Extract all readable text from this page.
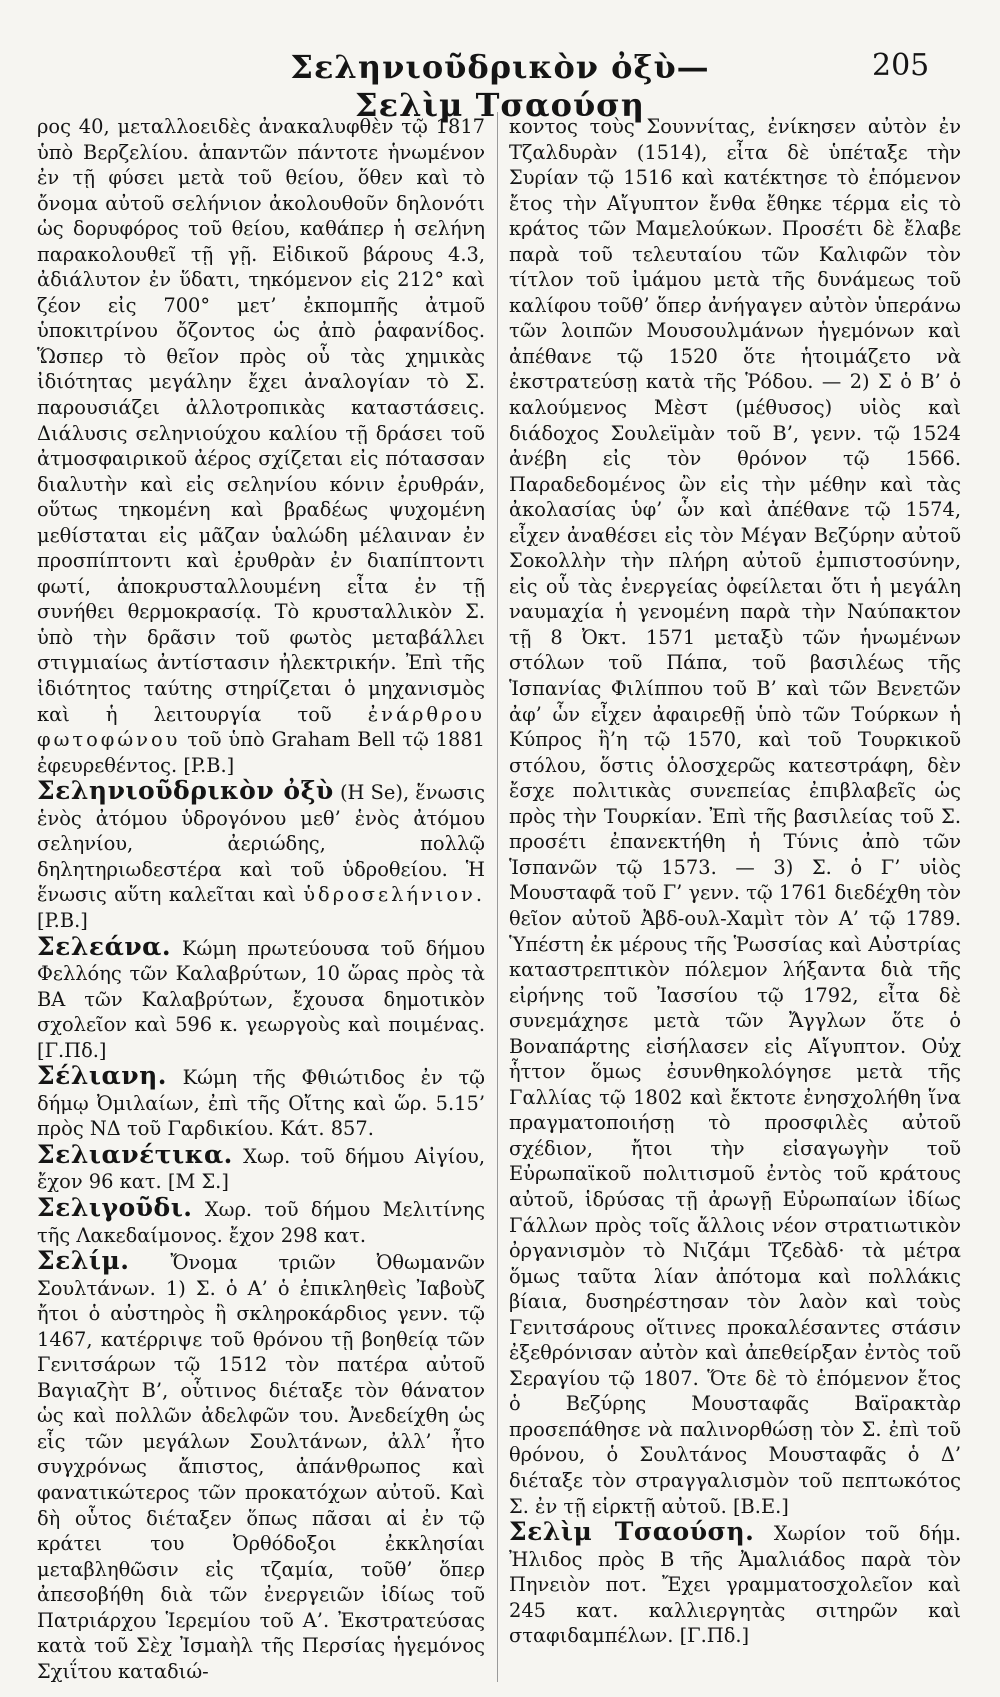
Σεληνιοῦδρικὸν ὀξὺ—Σελὶμ Τσαούση
205

ρος 40, μεταλλοειδὲς ἀνακαλυφθὲν τῷ 1817 ὑπὸ Βερζελίου. ἁπαντῶν πάντοτε ἡνωμένον ἐν τῇ φύσει μετὰ τοῦ θείου, ὅθεν καὶ τὸ ὄνομα αὐτοῦ σελήνιον ἀκολουθοῦν δηλονότι ὡς δορυφόρος τοῦ θείου, καθάπερ ἡ σελήνη παρακολουθεῖ τῇ γῇ. Εἰδικοῦ βάρους 4.3, ἀδιάλυτον ἐν ὕδατι, τηκόμενον εἰς 212° καὶ ζέον εἰς 700° μετ’ ἐκπομπῆς ἀτμοῦ ὑποκιτρίνου ὄζοντος ὡς ἀπὸ ῥαφανίδος. Ὥσπερ τὸ θεῖον πρὸς οὗ τὰς χημικὰς ἰδιότητας μεγάλην ἔχει ἀναλογίαν τὸ Σ. παρουσιάζει ἀλλοτροπικὰς καταστάσεις. Διάλυσις σεληνιούχου καλίου τῇ δράσει τοῦ ἀτμοσφαιρικοῦ ἀέρος σχίζεται εἰς πότασσαν διαλυτὴν καὶ εἰς σεληνίου κόνιν ἐρυθράν, οὕτως τηκομένη καὶ βραδέως ψυχομένη μεθίσταται εἰς μᾶζαν ὑαλώδη μέλαιναν ἐν προσπίπτοντι καὶ ἐρυθρὰν ἐν διαπίπτοντι φωτί, ἀποκρυσταλλουμένη εἶτα ἐν τῇ συνήθει θερμοκρασίᾳ. Τὸ κρυσταλλικὸν Σ. ὑπὸ τὴν δρᾶσιν τοῦ φωτὸς μεταβάλλει στιγμιαίως ἀντίστασιν ἠλεκτρικήν. Ἐπὶ τῆς ἰδιότητος ταύτης στηρίζεται ὁ μηχανισμὸς καὶ ἡ λειτουργία τοῦ ἐνάρθρου φωτοφώνου τοῦ ὑπὸ Graham Bell τῷ 1881 ἐφευρεθέντος. [P.B.]

Σεληνιοῦδρικὸν ὀξὺ (H Se), ἕνωσις ἑνὸς ἀτόμου ὑδρογόνου μεθ’ ἑνὸς ἀτόμου σεληνίου, ἀεριώδης, πολλῷ δηλητηριωδεστέρα καὶ τοῦ ὑδροθείου. Ἡ ἕνωσις αὕτη καλεῖται καὶ ὑδροσελήνιον. [P.B.]

Σελεάνα. Κώμη πρωτεύουσα τοῦ δήμου Φελλόης τῶν Καλαβρύτων, 10 ὥρας πρὸς τὰ ΒΑ τῶν Καλαβρύτων, ἔχουσα δημοτικὸν σχολεῖον καὶ 596 κ. γεωργοὺς καὶ ποιμένας. [Γ.Πδ.]

Σέλιανη. Κώμη τῆς Φθιώτιδος ἐν τῷ δήμῳ Ὀμιλαίων, ἐπὶ τῆς Οἴτης καὶ ὥρ. 5.15’ πρὸς ΝΔ τοῦ Γαρδικίου. Κάτ. 857.

Σελιανέτικα. Χωρ. τοῦ δήμου Αἰγίου, ἔχον 96 κατ. [Μ Σ.]

Σελιγοῦδι. Χωρ. τοῦ δήμου Μελιτίνης τῆς Λακεδαίμονος. ἔχον 298 κατ.

Σελίμ. Ὄνομα τριῶν Ὀθωμανῶν Σουλτάνων. 1) Σ. ὁ Α’ ὁ ἐπικληθεὶς Ἰαβοὺζ ἤτοι ὁ αὐστηρὸς ἢ σκληροκάρδιος γενν. τῷ 1467, κατέρριψε τοῦ θρόνου τῇ βοηθείᾳ τῶν Γενιτσάρων τῷ 1512 τὸν πατέρα αὐτοῦ Βαγιαζὴτ Β’, οὗτινος διέταξε τὸν θάνατον ὡς καὶ πολλῶν ἀδελφῶν του. Ἀνεδείχθη ὡς εἷς τῶν μεγάλων Σουλτάνων, ἀλλ’ ἦτο συγχρόνως ἄπιστος, ἀπάνθρωπος καὶ φανατικώτερος τῶν προκατόχων αὐτοῦ. Καὶ δὴ οὗτος διέταξεν ὅπως πᾶσαι αἱ ἐν τῷ κράτει του Ὀρθόδοξοι ἐκκλησίαι μεταβληθῶσιν εἰς τζαμία, τοῦθ’ ὅπερ ἀπεσοβήθη διὰ τῶν ἐνεργειῶν ἰδίως τοῦ Πατριάρχου Ἱερεμίου τοῦ Α’. Ἐκστρατεύσας κατὰ τοῦ Σὲχ Ἰσμαὴλ τῆς Περσίας ἡγεμόνος Σχιΐτου καταδιώ-

κοντος τοὺς Σουννίτας, ἐνίκησεν αὐτὸν ἐν Τζαλδυρὰν (1514), εἶτα δὲ ὑπέταξε τὴν Συρίαν τῷ 1516 καὶ κατέκτησε τὸ ἑπόμενον ἔτος τὴν Αἴγυπτον ἔνθα ἔθηκε τέρμα εἰς τὸ κράτος τῶν Μαμελούκων. Προσέτι δὲ ἔλαβε παρὰ τοῦ τελευταίου τῶν Καλιφῶν τὸν τίτλον τοῦ ἰμάμου μετὰ τῆς δυνάμεως τοῦ καλίφου τοῦθ’ ὅπερ ἀνήγαγεν αὐτὸν ὑπεράνω τῶν λοιπῶν Μουσουλμάνων ἡγεμόνων καὶ ἀπέθανε τῷ 1520 ὅτε ἡτοιμάζετο νὰ ἐκστρατεύσῃ κατὰ τῆς Ῥόδου. — 2) Σ ὁ Β’ ὁ καλούμενος Μὲστ (μέθυσος) υἱὸς καὶ διάδοχος Σουλεϊμὰν τοῦ Β’, γενν. τῷ 1524 ἀνέβη εἰς τὸν θρόνον τῷ 1566. Παραδεδομένος ὢν εἰς τὴν μέθην καὶ τὰς ἀκολασίας ὑφ’ ὧν καὶ ἀπέθανε τῷ 1574, εἶχεν ἀναθέσει εἰς τὸν Μέγαν Βεζύρην αὐτοῦ Σοκολλὴν τὴν πλήρη αὐτοῦ ἐμπιστοσύνην, εἰς οὗ τὰς ἐνεργείας ὀφείλεται ὅτι ἡ μεγάλη ναυμαχία ἡ γενομένη παρὰ τὴν Ναύπακτον τῇ 8 Ὀκτ. 1571 μεταξὺ τῶν ἡνωμένων στόλων τοῦ Πάπα, τοῦ βασιλέως τῆς Ἱσπανίας Φιλίππου τοῦ Β’ καὶ τῶν Βενετῶν ἀφ’ ὧν εἶχεν ἀφαιρεθῇ ὑπὸ τῶν Τούρκων ἡ Κύπρος ἢ’η τῷ 1570, καὶ τοῦ Τουρκικοῦ στόλου, ὅστις ὁλοσχερῶς κατεστράφη, δὲν ἔσχε πολιτικὰς συνεπείας ἐπιβλαβεῖς ὡς πρὸς τὴν Τουρκίαν. Ἐπὶ τῆς βασιλείας τοῦ Σ. προσέτι ἐπανεκτήθη ἡ Τύνις ἀπὸ τῶν Ἱσπανῶν τῷ 1573. — 3) Σ. ὁ Γ’ υἱὸς Μουσταφᾶ τοῦ Γ’ γενν. τῷ 1761 διεδέχθη τὸν θεῖον αὐτοῦ Ἀβδ-ουλ-Χαμὶτ τὸν Α’ τῷ 1789. Ὑπέστη ἐκ μέρους τῆς Ῥωσσίας καὶ Αὐστρίας καταστρεπτικὸν πόλεμον λήξαντα διὰ τῆς εἰρήνης τοῦ Ἰασσίου τῷ 1792, εἶτα δὲ συνεμάχησε μετὰ τῶν Ἄγγλων ὅτε ὁ Βοναπάρτης εἰσήλασεν εἰς Αἴγυπτον. Οὐχ ἧττον ὅμως ἐσυνθηκολόγησε μετὰ τῆς Γαλλίας τῷ 1802 καὶ ἔκτοτε ἐνησχολήθη ἵνα πραγματοποιήσῃ τὸ προσφιλὲς αὐτοῦ σχέδιον, ἤτοι τὴν εἰσαγωγὴν τοῦ Εὐρωπαϊκοῦ πολιτισμοῦ ἐντὸς τοῦ κράτους αὐτοῦ, ἱδρύσας τῇ ἀρωγῇ Εὐρωπαίων ἰδίως Γάλλων πρὸς τοῖς ἄλλοις νέον στρατιωτικὸν ὀργανισμὸν τὸ Νιζάμι Τζεδὰδ· τὰ μέτρα ὅμως ταῦτα λίαν ἀπότομα καὶ πολλάκις βίαια, δυσηρέστησαν τὸν λαὸν καὶ τοὺς Γενιτσάρους οἵτινες προκαλέσαντες στάσιν ἐξεθρόνισαν αὐτὸν καὶ ἀπεθείρξαν ἐντὸς τοῦ Σεραγίου τῷ 1807. Ὅτε δὲ τὸ ἑπόμενον ἔτος ὁ Βεζύρης Μουσταφᾶς Βαϊρακτὰρ προσεπάθησε νὰ παλινορθώσῃ τὸν Σ. ἐπὶ τοῦ θρόνου, ὁ Σουλτάνος Μουσταφᾶς ὁ Δ’ διέταξε τὸν στραγγαλισμὸν τοῦ πεπτωκότος Σ. ἐν τῇ εἱρκτῇ αὐτοῦ. [B.E.]

Σελὶμ Τσαούση. Χωρίον τοῦ δήμ. Ἠλιδος πρὸς Β τῆς Ἀμαλιάδος παρὰ τὸν Πηνειὸν ποτ. Ἔχει γραμματοσχολεῖον καὶ 245 κατ. καλλιεργητὰς σιτηρῶν καὶ σταφιδαμπέλων. [Γ.Πδ.]
